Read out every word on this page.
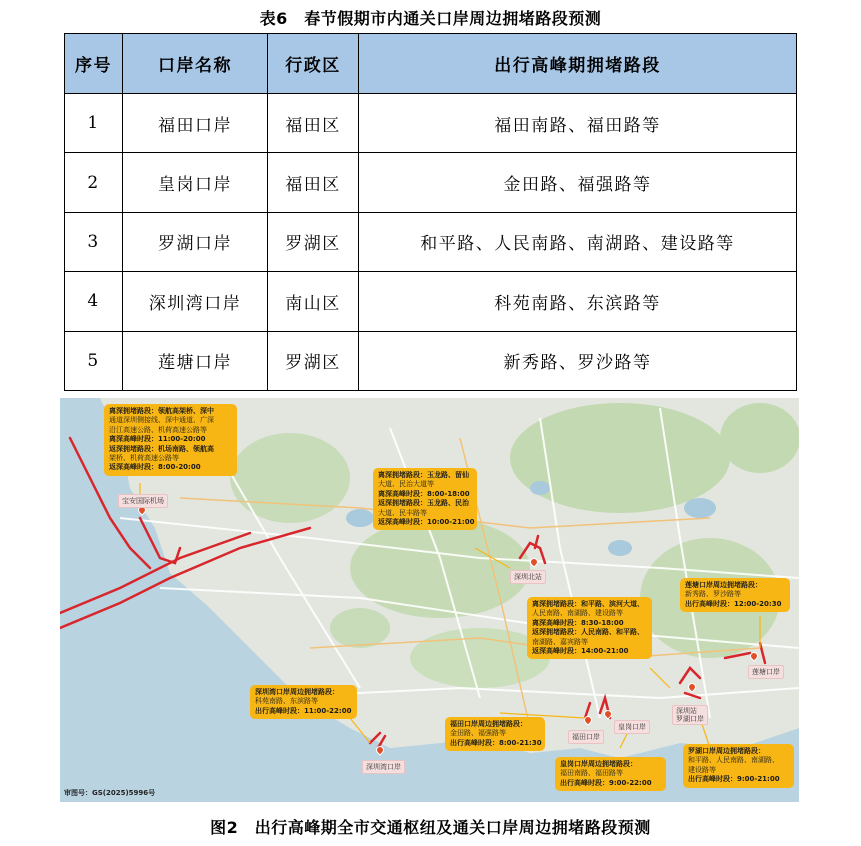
表6　春节假期市内通关口岸周边拥堵路段预测
序号	口岸名称	行政区	出行高峰期拥堵路段
1	福田口岸	福田区	福田南路、福田路等
2	皇岗口岸	福田区	金田路、福强路等
3	罗湖口岸	罗湖区	和平路、人民南路、南湖路、建设路等
4	深圳湾口岸	南山区	科苑南路、东滨路等
5	莲塘口岸	罗湖区	新秀路、罗沙路等
宝安国际机场
深圳北站
莲塘口岸
深圳站
罗湖口岸
皇岗口岸
福田口岸
深圳湾口岸
离深拥堵路段：领航高架桥、深中
通道深圳侧接线、深中通道、广深
沿江高速公路、机荷高速公路等
离深高峰时段：11:00-20:00
返深拥堵路段：机场南路、领航高
架桥、机荷高速公路等
返深高峰时段：8:00-20:00
离深拥堵路段：玉龙路、留仙
大道、民治大道等
离深高峰时段：8:00-18:00
返深拥堵路段：玉龙路、民治
大道、民丰路等
返深高峰时段：10:00-21:00
莲塘口岸周边拥堵路段：
新秀路、罗沙路等
出行高峰时段：12:00-20:30
离深拥堵路段：和平路、滨河大道、
人民南路、南湖路、建设路等
离深高峰时段：8:30-18:00
返深拥堵路段：人民南路、和平路、
南湖路、嘉宾路等
返深高峰时段：14:00-21:00
深圳湾口岸周边拥堵路段：
科苑南路、东滨路等
出行高峰时段：11:00-22:00
福田口岸周边拥堵路段：
金田路、福强路等
出行高峰时段：8:00-21:30
皇岗口岸周边拥堵路段：
福田南路、福田路等
出行高峰时段：9:00-22:00
罗湖口岸周边拥堵路段：
和平路、人民南路、南湖路、
建设路等
出行高峰时段：9:00-21:00
审图号：GS(2025)5996号
图2　出行高峰期全市交通枢纽及通关口岸周边拥堵路段预测
